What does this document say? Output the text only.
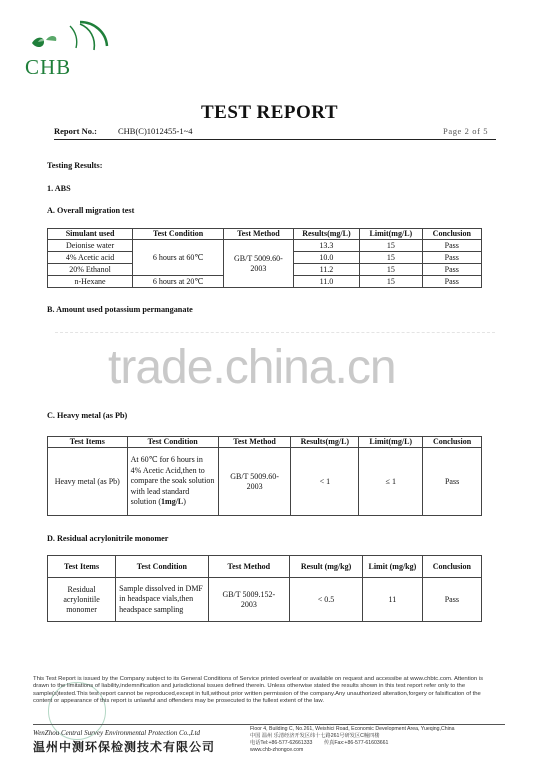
CHB
TEST REPORT
Report No.: CHB(C)1012455-1~4	Page 2 of 5
Testing Results:
1. ABS
A. Overall migration test
Simulant used	Test Condition	Test Method	Results(mg/L)	Limit(mg/L)	Conclusion
Deionise water	6 hours at 60℃	GB/T 5009.60-2003	13.3	15	Pass
4% Acetic acid			10.0	15	Pass
20% Ethanol			11.2	15	Pass
n-Hexane	6 hours at 20℃		11.0	15	Pass
B. Amount used potassium permanganate
trade.china.cn
C. Heavy metal (as Pb)
Test Items	Test Condition	Test Method	Results(mg/L)	Limit(mg/L)	Conclusion
Heavy metal (as Pb)	At 60℃ for 6 hours in 4% Acetic Acid,then to compare the soak solution with lead standard solution (1mg/L)	GB/T 5009.60-2003	< 1	≤ 1	Pass
D. Residual acrylonitrile monomer
Test Items	Test Condition	Test Method	Result (mg/kg)	Limit (mg/kg)	Conclusion
Residual acrylonitile monomer	Sample dissolved in DMF in headspace vials,then headspace sampling	GB/T 5009.152-2003	< 0.5	11	Pass
This Test Report is issued by the Company subject to its General Conditions of Service printed overleaf or available on request and accessibe at www.chbtc.com. Attention is drawn to the limitations of liability,indemnification and jurisdictional issues defined therein. Unless otherwise stated the results shown in this test report refer only to the sample(s)tested.This test report cannot be reproduced,except in full,without prior written permission of the company.Any unauthorized alteration,forgery or falsification of the content or appearance of this report is unlawful and offenders may be prosecuted to the fullest extent of the law.
WenZhou Central Survey Environmental Protection Co.,Ltd
温州中测环保检测技术有限公司
Floor 4, Building C, No.261, Weishici Road, Economic Development Area, Yueqing,China
中国 温州 乐清经济开发区纬十七路261号研发区C幢四楼
电话Tel:+86-577-62661333 传真Fax:+86-577-61603661
www.chb-zhongce.com
